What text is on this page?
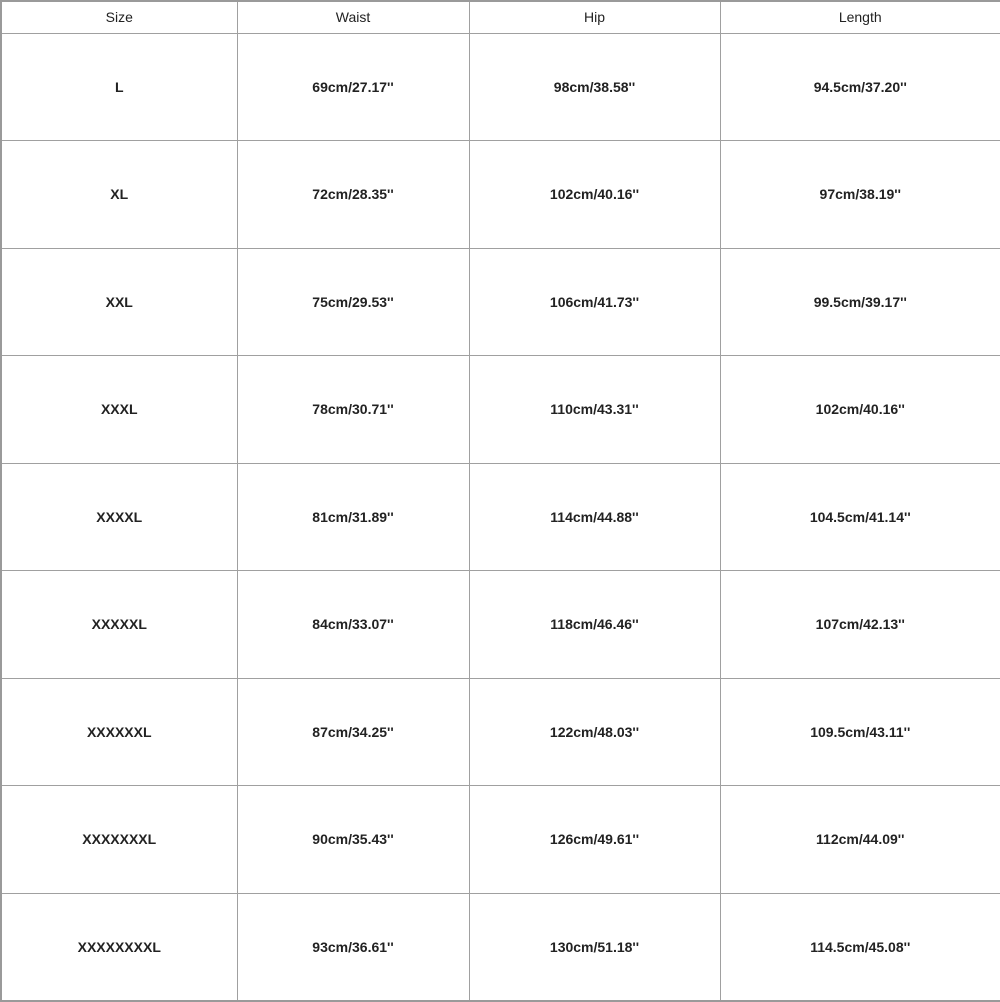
Size	Waist	Hip	Length
L	69cm/27.17''	98cm/38.58''	94.5cm/37.20''
XL	72cm/28.35''	102cm/40.16''	97cm/38.19''
XXL	75cm/29.53''	106cm/41.73''	99.5cm/39.17''
XXXL	78cm/30.71''	110cm/43.31''	102cm/40.16''
XXXXL	81cm/31.89''	114cm/44.88''	104.5cm/41.14''
XXXXXL	84cm/33.07''	118cm/46.46''	107cm/42.13''
XXXXXXL	87cm/34.25''	122cm/48.03''	109.5cm/43.11''
XXXXXXXL	90cm/35.43''	126cm/49.61''	112cm/44.09''
XXXXXXXXL	93cm/36.61''	130cm/51.18''	114.5cm/45.08''
